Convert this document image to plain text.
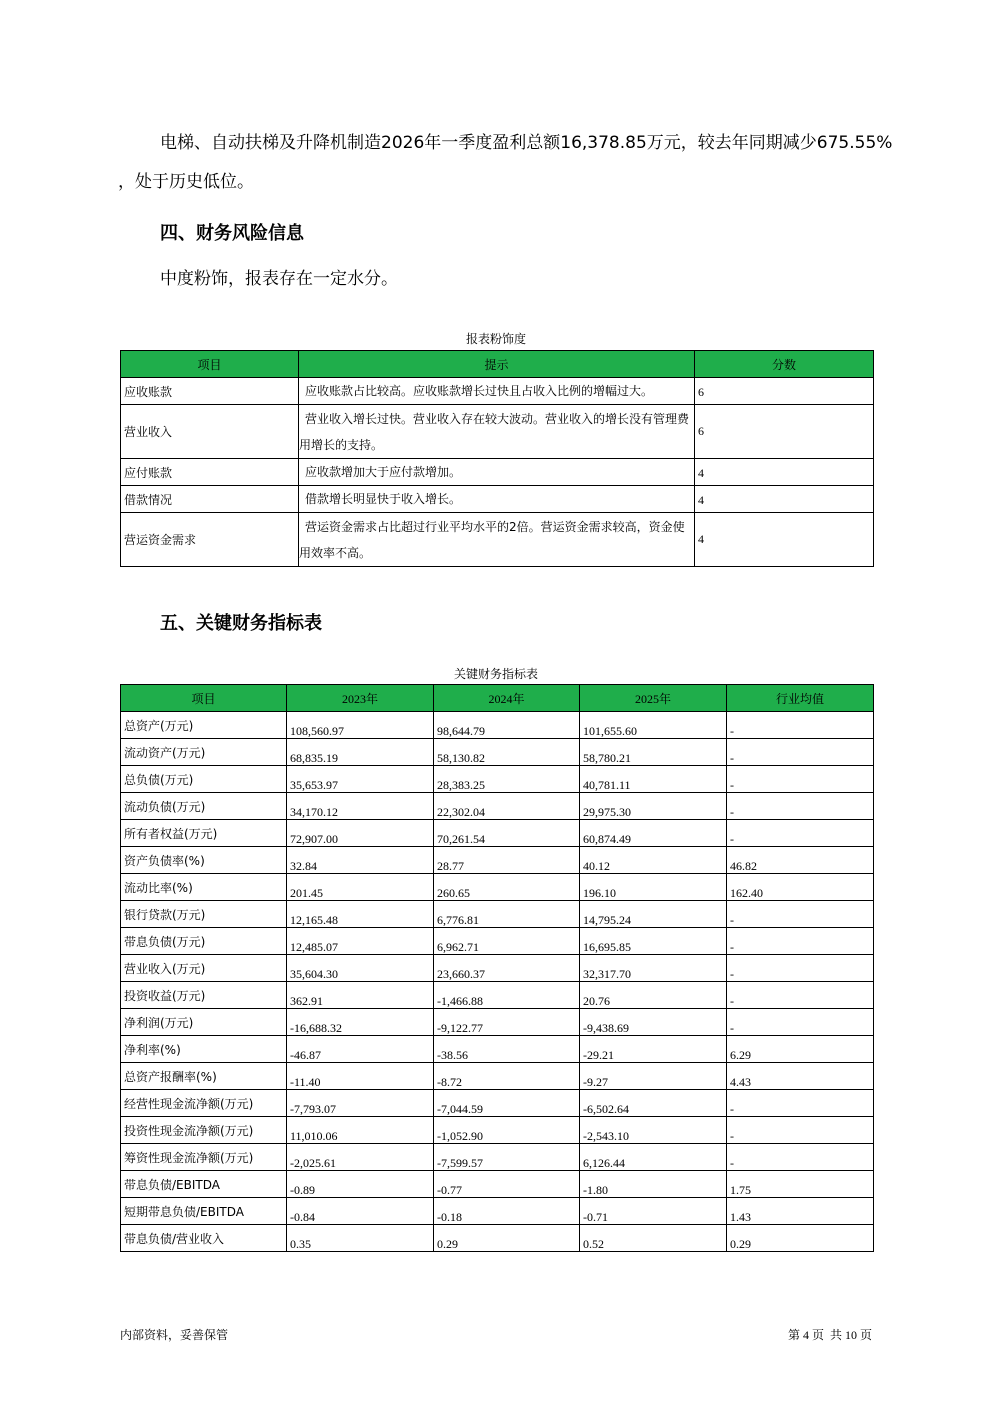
电梯、自动扶梯及升降机制造2026年一季度盈利总额16,378.85万元，较去年同期减少675.55%
，处于历史低位。
四、财务风险信息
中度粉饰，报表存在一定水分。
报表粉饰度
项目	提示	分数
应收账款	应收账款占比较高。应收账款增长过快且占收入比例的增幅过大。	6
营业收入	营业收入增长过快。营业收入存在较大波动。营业收入的增长没有管理费用增长的支持。	6
应付账款	应收款增加大于应付款增加。	4
借款情况	借款增长明显快于收入增长。	4
营运资金需求	营运资金需求占比超过行业平均水平的2倍。营运资金需求较高，资金使用效率不高。	4
五、关键财务指标表
关键财务指标表
项目	2023年	2024年	2025年	行业均值
总资产(万元)	108,560.97	98,644.79	101,655.60	-
流动资产(万元)	68,835.19	58,130.82	58,780.21	-
总负债(万元)	35,653.97	28,383.25	40,781.11	-
流动负债(万元)	34,170.12	22,302.04	29,975.30	-
所有者权益(万元)	72,907.00	70,261.54	60,874.49	-
资产负债率(%)	32.84	28.77	40.12	46.82
流动比率(%)	201.45	260.65	196.10	162.40
银行贷款(万元)	12,165.48	6,776.81	14,795.24	-
带息负债(万元)	12,485.07	6,962.71	16,695.85	-
营业收入(万元)	35,604.30	23,660.37	32,317.70	-
投资收益(万元)	362.91	-1,466.88	20.76	-
净利润(万元)	-16,688.32	-9,122.77	-9,438.69	-
净利率(%)	-46.87	-38.56	-29.21	6.29
总资产报酬率(%)	-11.40	-8.72	-9.27	4.43
经营性现金流净额(万元)	-7,793.07	-7,044.59	-6,502.64	-
投资性现金流净额(万元)	11,010.06	-1,052.90	-2,543.10	-
筹资性现金流净额(万元)	-2,025.61	-7,599.57	6,126.44	-
带息负债/EBITDA	-0.89	-0.77	-1.80	1.75
短期带息负债/EBITDA	-0.84	-0.18	-0.71	1.43
带息负债/营业收入	0.35	0.29	0.52	0.29
内部资料，妥善保管	第 4 页  共 10 页
